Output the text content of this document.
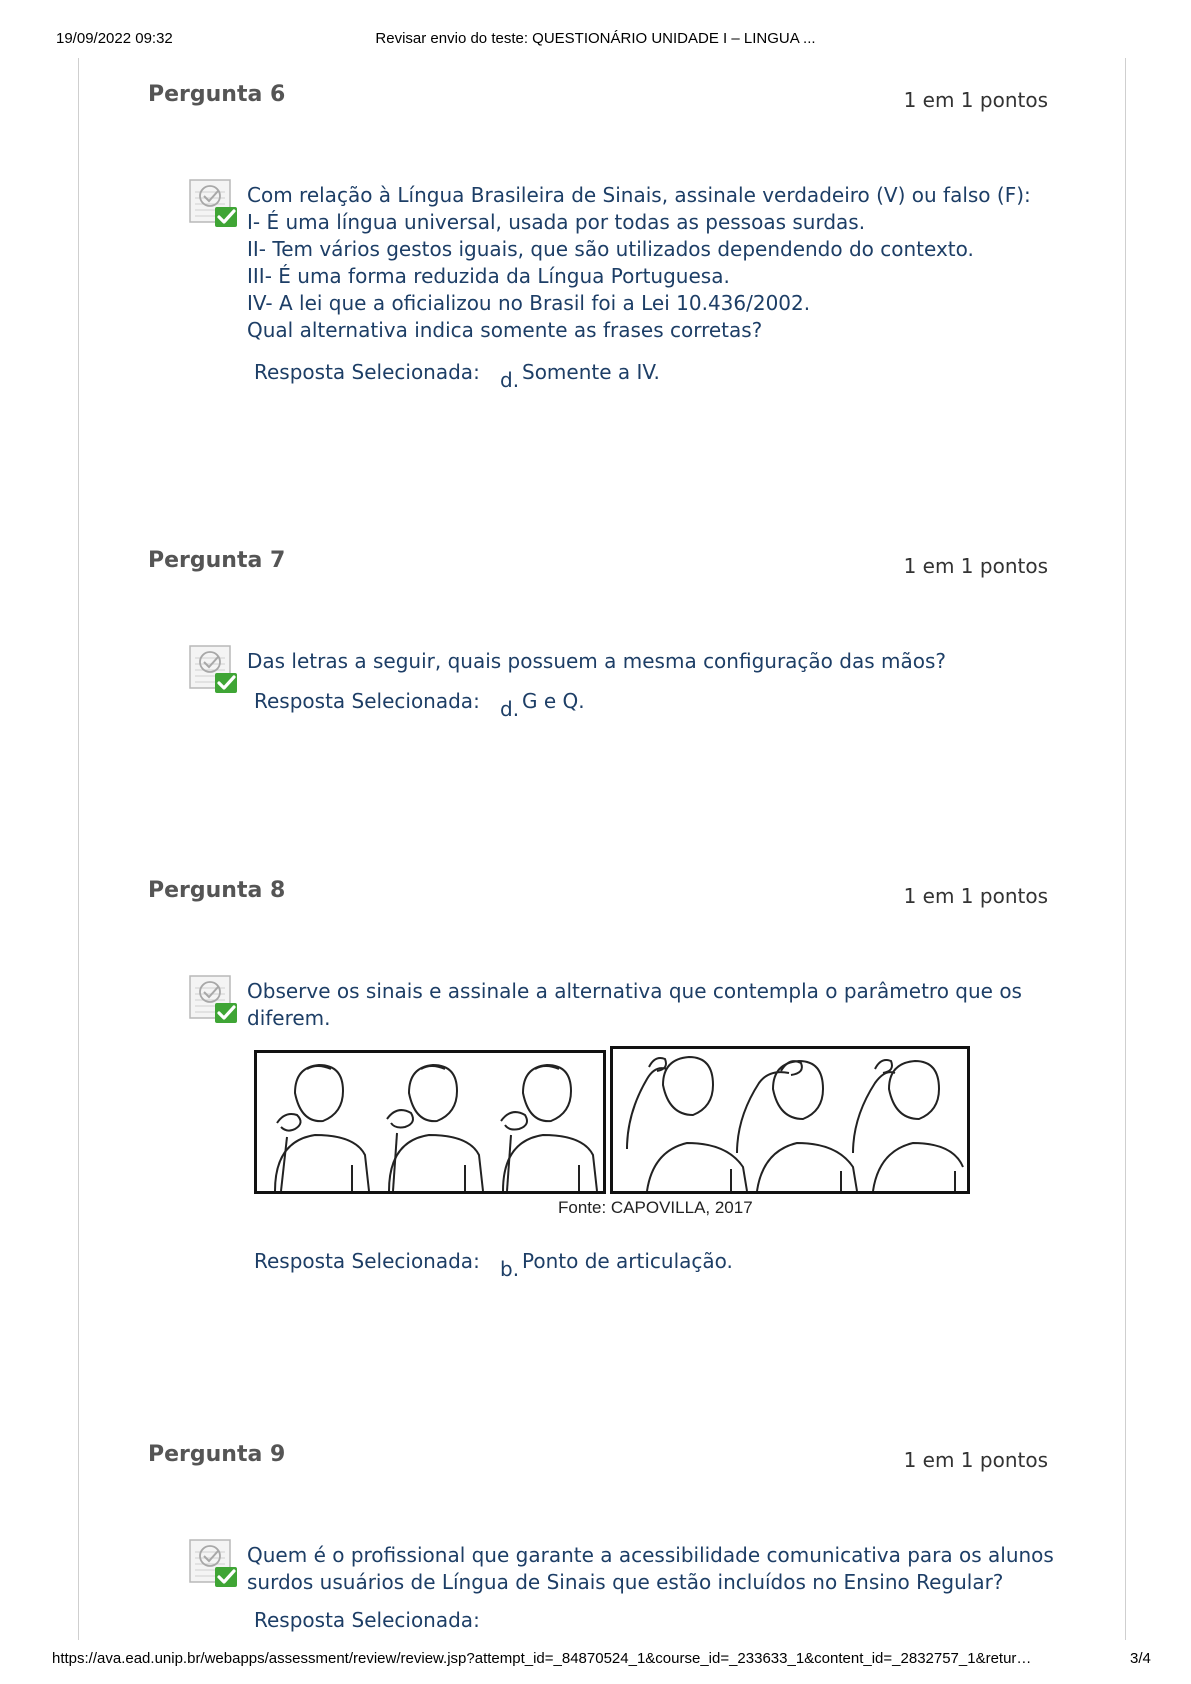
19/09/2022 09:32	Revisar envio do teste: QUESTIONÁRIO UNIDADE I – LINGUA ...
Pergunta 6	1 em 1 pontos
Com relação à Língua Brasileira de Sinais, assinale verdadeiro (V) ou falso (F):
I- É uma língua universal, usada por todas as pessoas surdas.
II- Tem vários gestos iguais, que são utilizados dependendo do contexto.
III- É uma forma reduzida da Língua Portuguesa.
IV- A lei que a oficializou no Brasil foi a Lei 10.436/2002.
Qual alternativa indica somente as frases corretas?
Resposta Selecionada: d. Somente a IV.
Pergunta 7	1 em 1 pontos
Das letras a seguir, quais possuem a mesma configuração das mãos?
Resposta Selecionada: d. G e Q.
Pergunta 8	1 em 1 pontos
Observe os sinais e assinale a alternativa que contempla o parâmetro que os
diferem.
Fonte: CAPOVILLA, 2017
Resposta Selecionada: b. Ponto de articulação.
Pergunta 9	1 em 1 pontos
Quem é o profissional que garante a acessibilidade comunicativa para os alunos
surdos usuários de Língua de Sinais que estão incluídos no Ensino Regular?
Resposta Selecionada:
https://ava.ead.unip.br/webapps/assessment/review/review.jsp?attempt_id=_84870524_1&course_id=_233633_1&content_id=_2832757_1&retur…	3/4
